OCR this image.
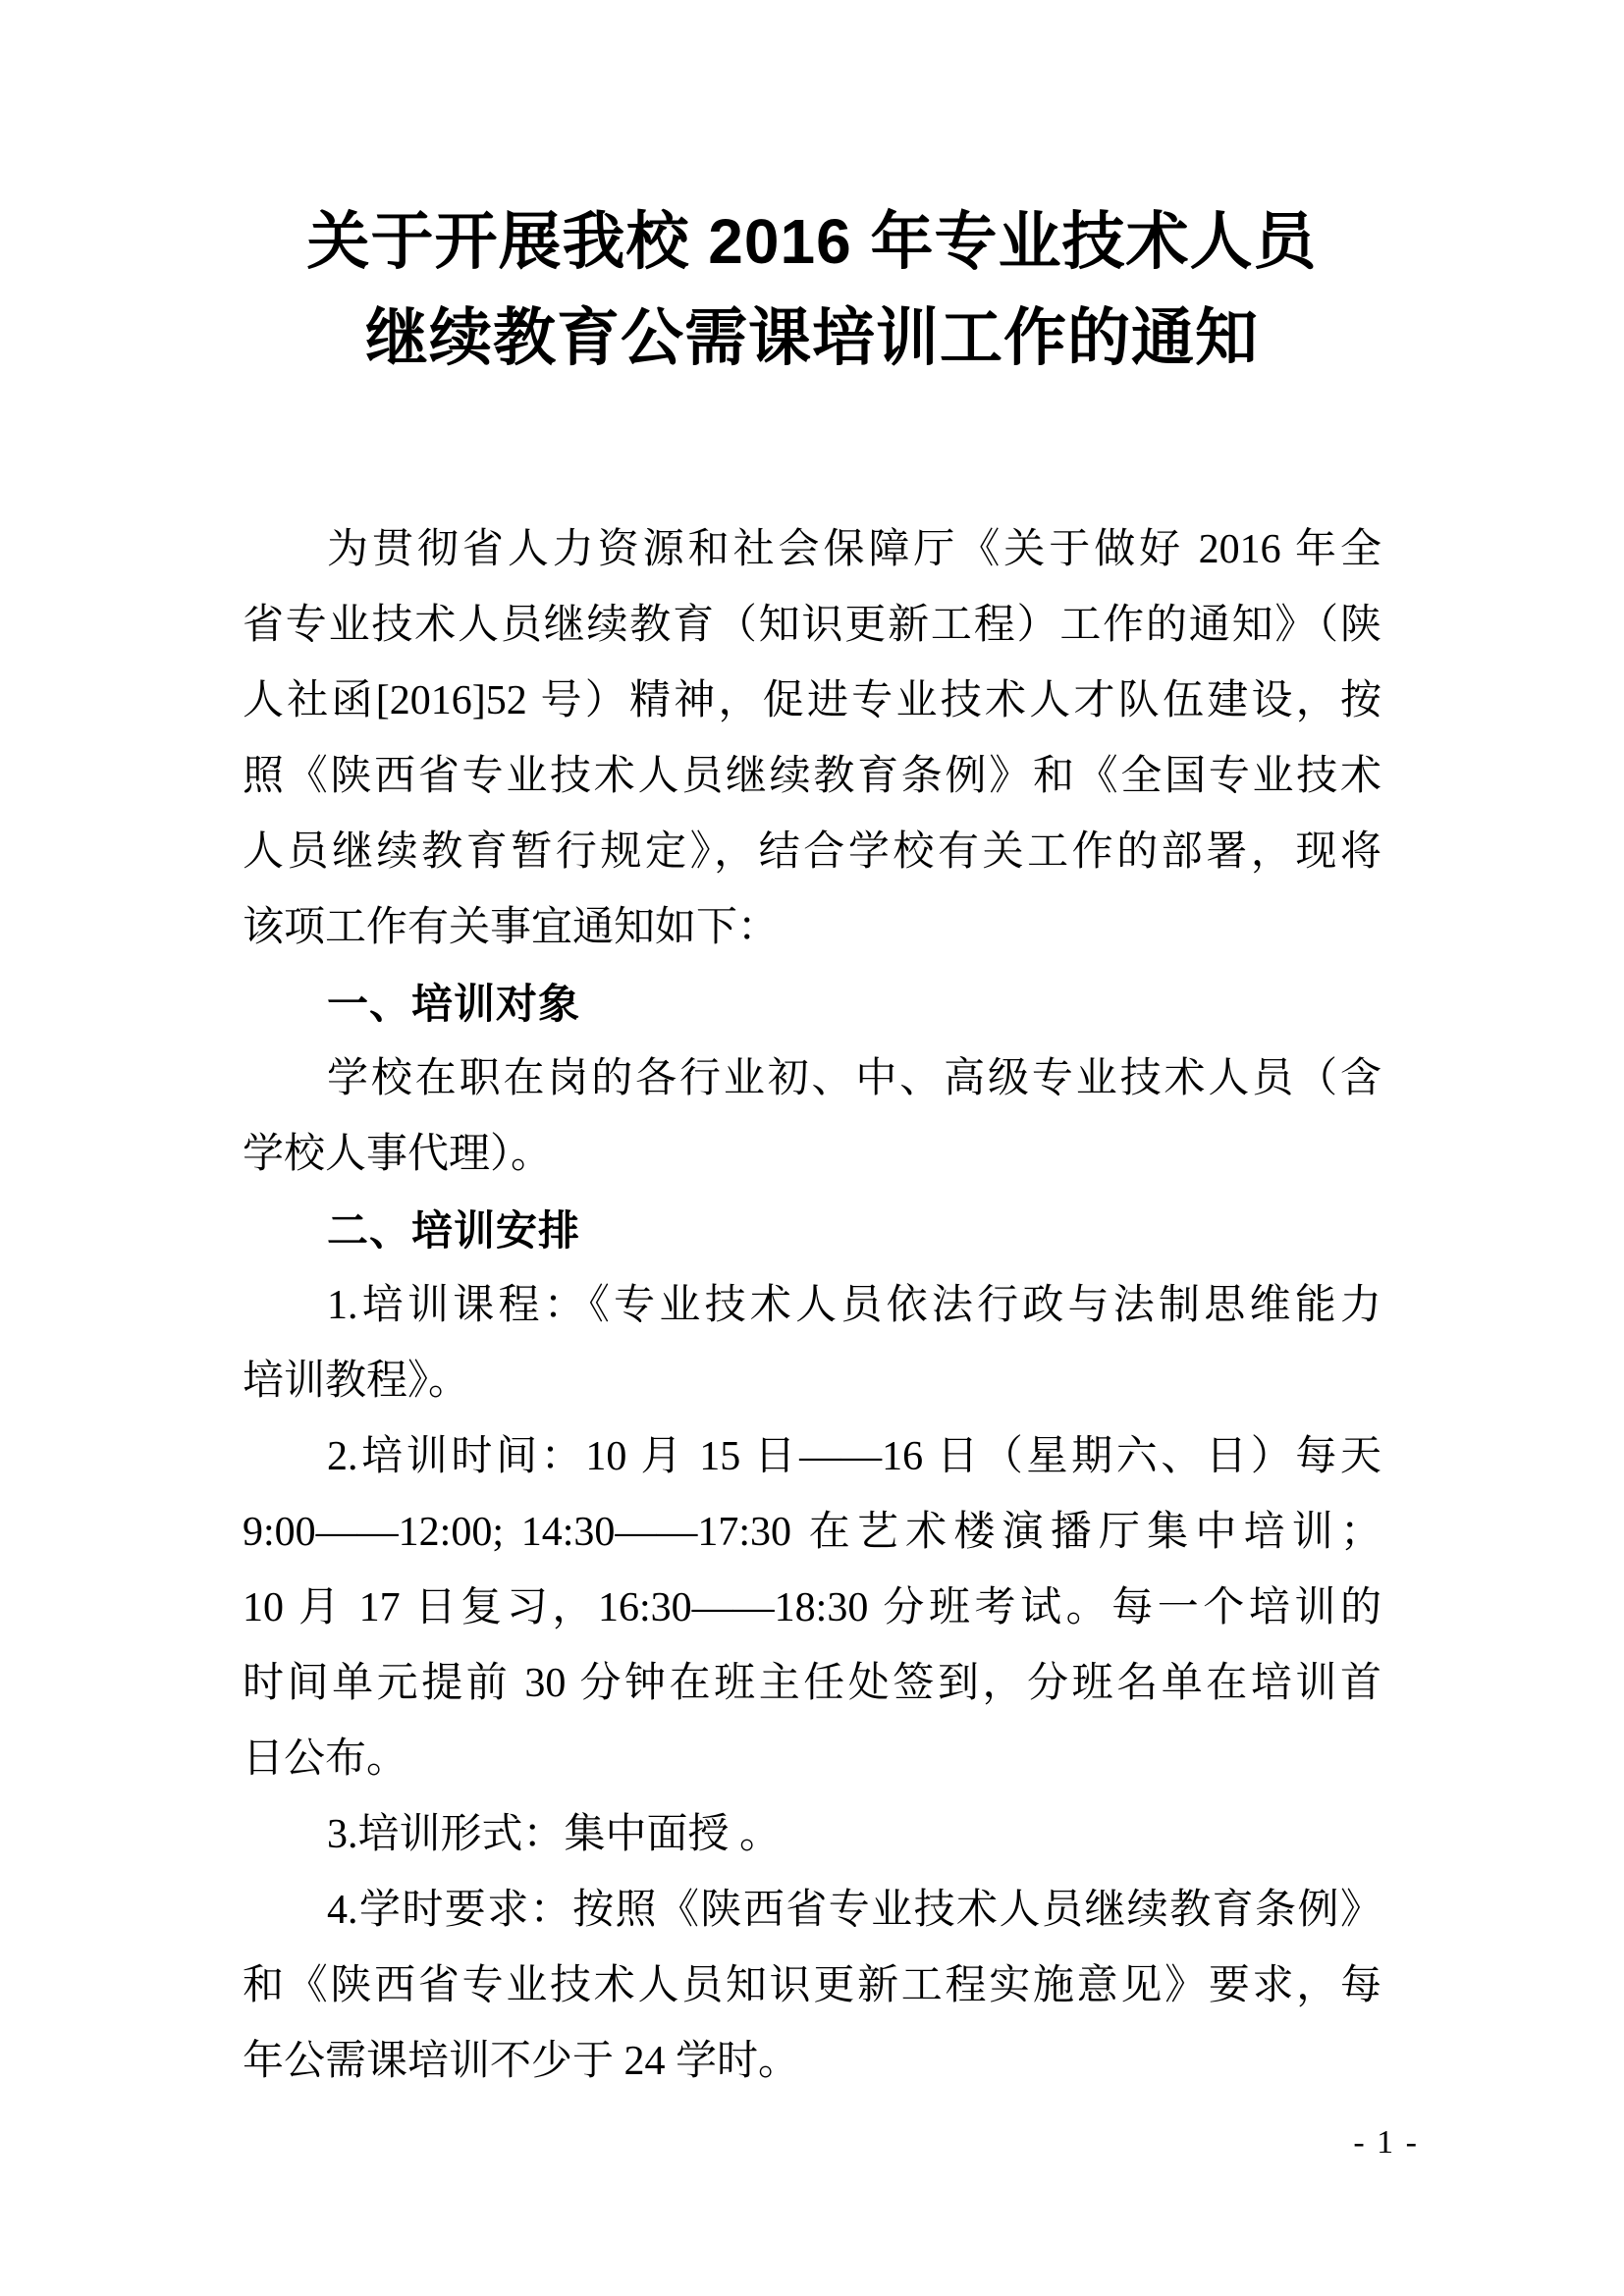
关于开展我校 2016 年专业技术人员
继续教育公需课培训工作的通知
为贯彻省人力资源和社会保障厅《关于做好 2016 年全
省专业技术人员继续教育（知识更新工程）工作的通知》（陕
人社函[2016]52 号）精神，促进专业技术人才队伍建设，按
照《陕西省专业技术人员继续教育条例》和《全国专业技术
人员继续教育暂行规定》，结合学校有关工作的部署，现将
该项工作有关事宜通知如下：
一、培训对象
学校在职在岗的各行业初、中、高级专业技术人员（含
学校人事代理）。
二、培训安排
1.培训课程：《专业技术人员依法行政与法制思维能力
培训教程》。
2.培训时间：10 月 15 日——16 日（星期六、日）每天
9:00——12:00; 14:30——17:30 在艺术楼演播厅集中培训；
10 月 17 日复习，16:30——18:30 分班考试。每一个培训的
时间单元提前 30 分钟在班主任处签到，分班名单在培训首
日公布。
3.培训形式：集中面授 。
4.学时要求：按照《陕西省专业技术人员继续教育条例》
和《陕西省专业技术人员知识更新工程实施意见》要求，每
年公需课培训不少于 24 学时。
- 1 -
